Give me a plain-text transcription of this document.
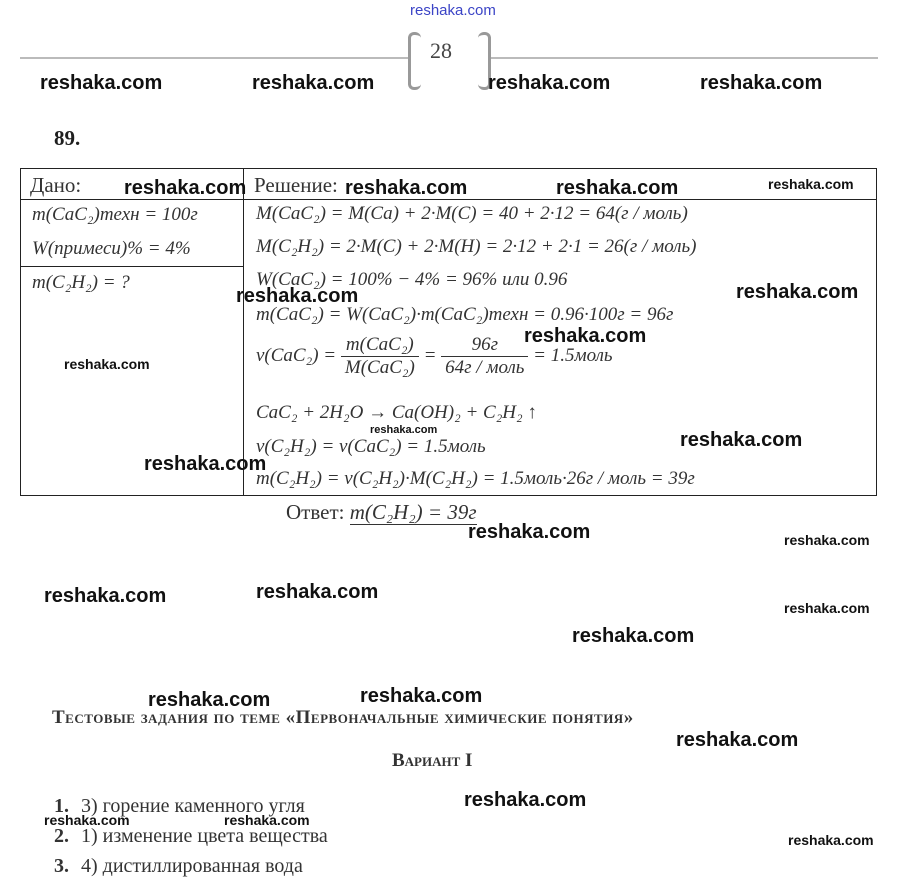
reshaka.com
28
89.
Дано:	Решение:
m(CaC₂)техн = 100г
W(примеси)% = 4%
m(C₂H₂) = ?
M(CaC₂) = M(Ca) + 2·M(C) = 40 + 2·12 = 64(г / моль)
M(C₂H₂) = 2·M(C) + 2·M(H) = 2·12 + 2·1 = 26(г / моль)
W(CaC₂) = 100% − 4% = 96% или 0.96
m(CaC₂) = W(CaC₂)·m(CaC₂)техн = 0.96·100г = 96г
$\nu(CaC_2) = \frac{\text{m(CaC₂)}}{\text{M(CaC₂)}} = \frac{96г}{\text{64г / моль}}$ = 1.5моль
CaC₂ + 2H₂O → Ca(OH)₂ + C₂H₂ ↑
ν(C₂H₂) = ν(CaC₂) = 1.5моль
m(C₂H₂) = ν(C₂H₂)·M(C₂H₂) = 1.5моль·26г / моль = 39г
Ответ: m(C₂H₂) = 39г
Тестовые задания по теме «Первоначальные химические понятия»
Вариант I
1. 3) горение каменного угля
2. 1) изменение цвета вещества
3. 4) дистиллированная вода
reshaka.com	reshaka.com	reshaka.com	reshaka.com
reshaka.com	reshaka.com	reshaka.com	reshaka.com
reshaka.com	reshaka.com
reshaka.com
reshaka.com
reshaka.com	reshaka.com
reshaka.com
reshaka.com	reshaka.com
reshaka.com	reshaka.com
reshaka.com
reshaka.com
reshaka.com	reshaka.com
reshaka.com
reshaka.com
reshaka.com	reshaka.com
reshaka.com
